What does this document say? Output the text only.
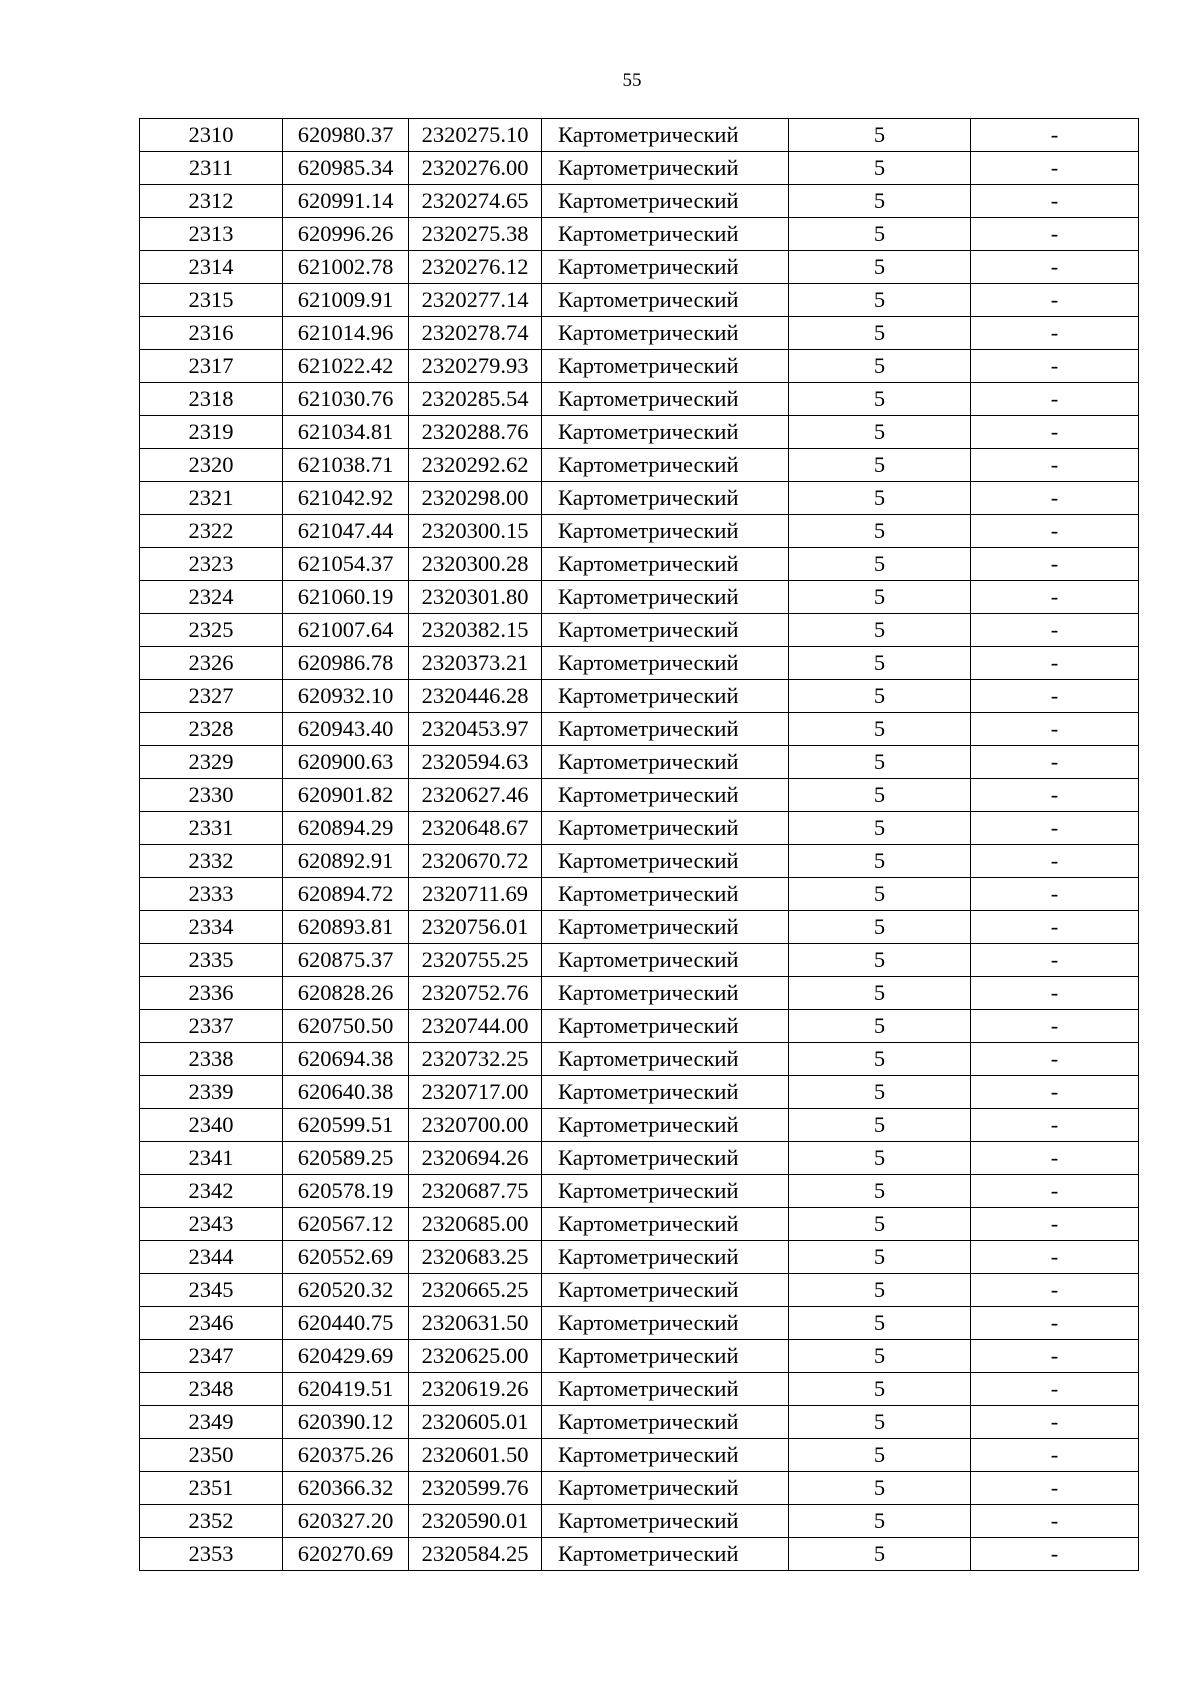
55
2310	620980.37	2320275.10	Картометрический	5	-
2311	620985.34	2320276.00	Картометрический	5	-
2312	620991.14	2320274.65	Картометрический	5	-
2313	620996.26	2320275.38	Картометрический	5	-
2314	621002.78	2320276.12	Картометрический	5	-
2315	621009.91	2320277.14	Картометрический	5	-
2316	621014.96	2320278.74	Картометрический	5	-
2317	621022.42	2320279.93	Картометрический	5	-
2318	621030.76	2320285.54	Картометрический	5	-
2319	621034.81	2320288.76	Картометрический	5	-
2320	621038.71	2320292.62	Картометрический	5	-
2321	621042.92	2320298.00	Картометрический	5	-
2322	621047.44	2320300.15	Картометрический	5	-
2323	621054.37	2320300.28	Картометрический	5	-
2324	621060.19	2320301.80	Картометрический	5	-
2325	621007.64	2320382.15	Картометрический	5	-
2326	620986.78	2320373.21	Картометрический	5	-
2327	620932.10	2320446.28	Картометрический	5	-
2328	620943.40	2320453.97	Картометрический	5	-
2329	620900.63	2320594.63	Картометрический	5	-
2330	620901.82	2320627.46	Картометрический	5	-
2331	620894.29	2320648.67	Картометрический	5	-
2332	620892.91	2320670.72	Картометрический	5	-
2333	620894.72	2320711.69	Картометрический	5	-
2334	620893.81	2320756.01	Картометрический	5	-
2335	620875.37	2320755.25	Картометрический	5	-
2336	620828.26	2320752.76	Картометрический	5	-
2337	620750.50	2320744.00	Картометрический	5	-
2338	620694.38	2320732.25	Картометрический	5	-
2339	620640.38	2320717.00	Картометрический	5	-
2340	620599.51	2320700.00	Картометрический	5	-
2341	620589.25	2320694.26	Картометрический	5	-
2342	620578.19	2320687.75	Картометрический	5	-
2343	620567.12	2320685.00	Картометрический	5	-
2344	620552.69	2320683.25	Картометрический	5	-
2345	620520.32	2320665.25	Картометрический	5	-
2346	620440.75	2320631.50	Картометрический	5	-
2347	620429.69	2320625.00	Картометрический	5	-
2348	620419.51	2320619.26	Картометрический	5	-
2349	620390.12	2320605.01	Картометрический	5	-
2350	620375.26	2320601.50	Картометрический	5	-
2351	620366.32	2320599.76	Картометрический	5	-
2352	620327.20	2320590.01	Картометрический	5	-
2353	620270.69	2320584.25	Картометрический	5	-
